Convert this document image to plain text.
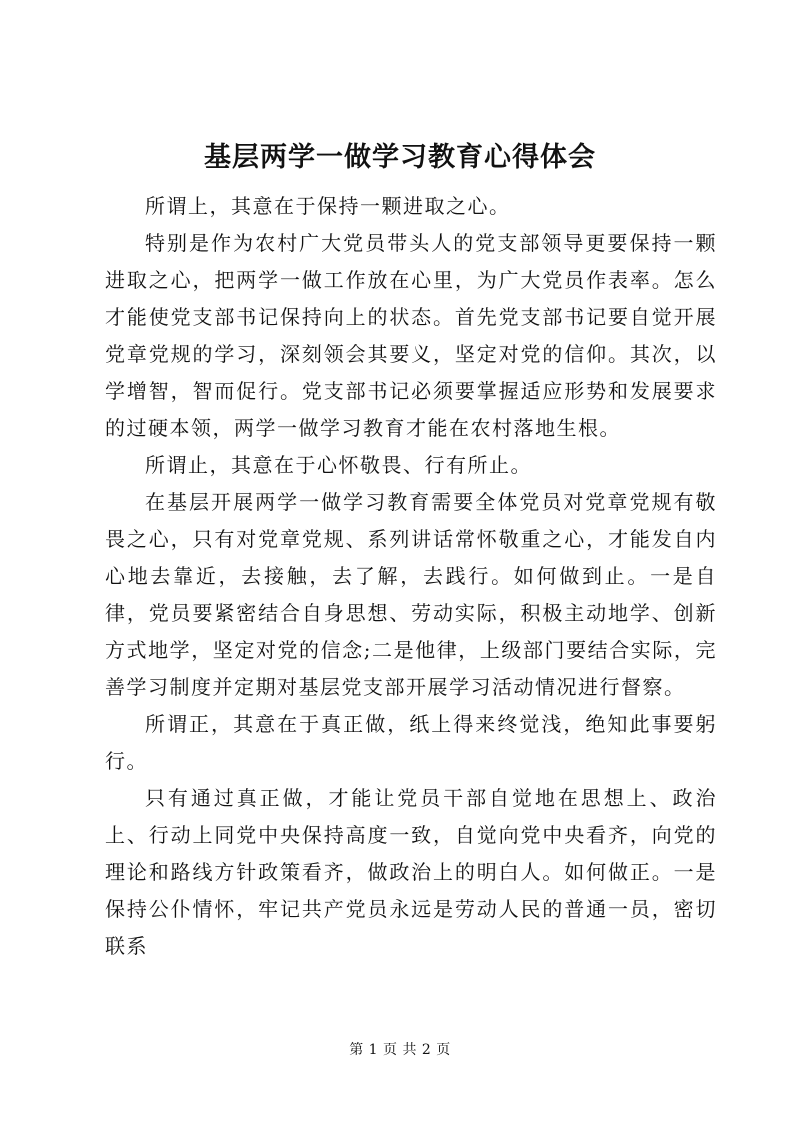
基层两学一做学习教育心得体会

所谓上，其意在于保持一颗进取之心。

特别是作为农村广大党员带头人的党支部领导更要保持一颗进取之心，把两学一做工作放在心里，为广大党员作表率。怎么才能使党支部书记保持向上的状态。首先党支部书记要自觉开展党章党规的学习，深刻领会其要义，坚定对党的信仰。其次，以学增智，智而促行。党支部书记必须要掌握适应形势和发展要求的过硬本领，两学一做学习教育才能在农村落地生根。

所谓止，其意在于心怀敬畏、行有所止。

在基层开展两学一做学习教育需要全体党员对党章党规有敬畏之心，只有对党章党规、系列讲话常怀敬重之心，才能发自内心地去靠近，去接触，去了解，去践行。如何做到止。一是自律，党员要紧密结合自身思想、劳动实际，积极主动地学、创新方式地学，坚定对党的信念;二是他律，上级部门要结合实际，完善学习制度并定期对基层党支部开展学习活动情况进行督察。

所谓正，其意在于真正做，纸上得来终觉浅，绝知此事要躬行。

只有通过真正做，才能让党员干部自觉地在思想上、政治上、行动上同党中央保持高度一致，自觉向党中央看齐，向党的理论和路线方针政策看齐，做政治上的明白人。如何做正。一是保持公仆情怀，牢记共产党员永远是劳动人民的普通一员，密切联系

第 1 页 共 2 页
